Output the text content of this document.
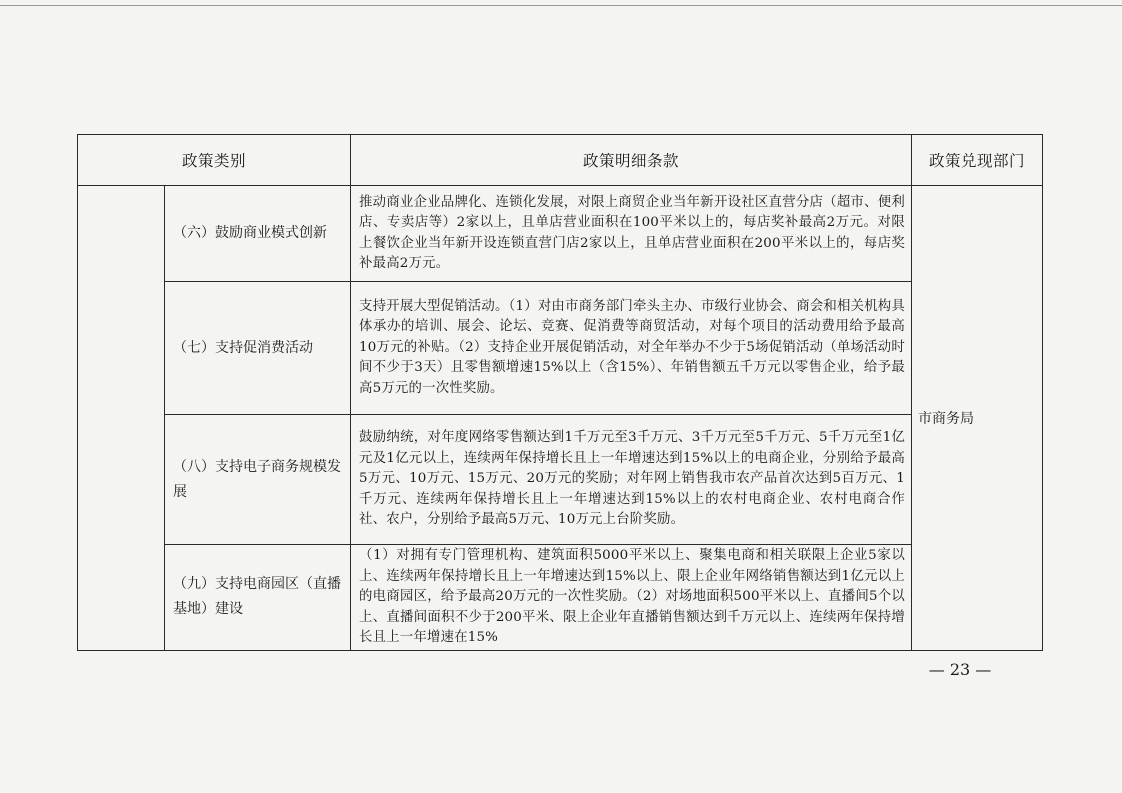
政策类别		政策明细条款	政策兑现部门
	（六）鼓励商业模式创新	推动商业企业品牌化、连锁化发展，对限上商贸企业当年新开设社区直营分店（超市、便利店、专卖店等）2家以上，且单店营业面积在100平米以上的，每店奖补最高2万元。对限上餐饮企业当年新开设连锁直营门店2家以上，且单店营业面积在200平米以上的，每店奖补最高2万元。	市商务局
	（七）支持促消费活动	支持开展大型促销活动。（1）对由市商务部门牵头主办、市级行业协会、商会和相关机构具体承办的培训、展会、论坛、竞赛、促消费等商贸活动，对每个项目的活动费用给予最高10万元的补贴。（2）支持企业开展促销活动，对全年举办不少于5场促销活动（单场活动时间不少于3天）且零售额增速15%以上（含15%）、年销售额五千万元以零售企业，给予最高5万元的一次性奖励。	
	（八）支持电子商务规模发展	鼓励纳统，对年度网络零售额达到1千万元至3千万元、3千万元至5千万元、5千万元至1亿元及1亿元以上，连续两年保持增长且上一年增速达到15%以上的电商企业，分别给予最高5万元、10万元、15万元、20万元的奖励；对年网上销售我市农产品首次达到5百万元、1千万元、连续两年保持增长且上一年增速达到15%以上的农村电商企业、农村电商合作社、农户，分别给予最高5万元、10万元上台阶奖励。	
	（九）支持电商园区（直播基地）建设	（1）对拥有专门管理机构、建筑面积5000平米以上、聚集电商和相关联限上企业5家以上、连续两年保持增长且上一年增速达到15%以上、限上企业年网络销售额达到1亿元以上的电商园区，给予最高20万元的一次性奖励。（2）对场地面积500平米以上、直播间5个以上、直播间面积不少于200平米、限上企业年直播销售额达到千万元以上、连续两年保持增长且上一年增速在15%	
— 23 —
